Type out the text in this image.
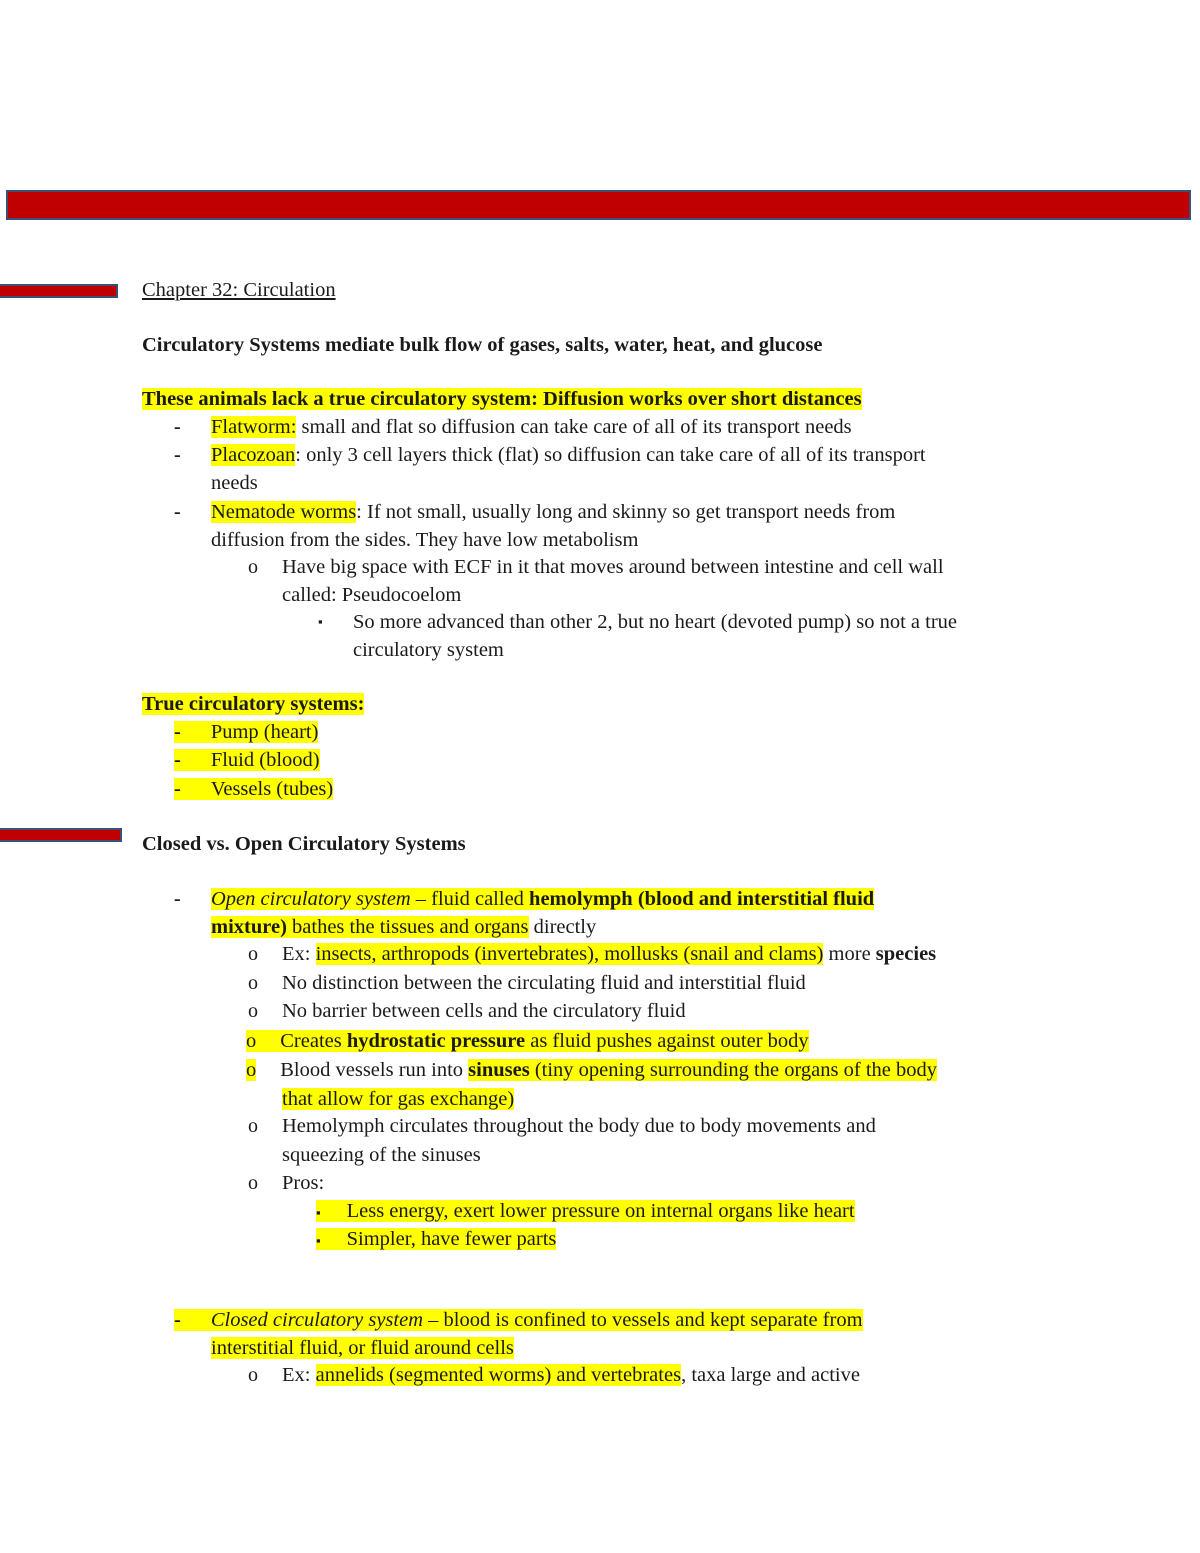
Chapter 32: Circulation
Circulatory Systems mediate bulk flow of gases, salts, water, heat, and glucose
These animals lack a true circulatory system: Diffusion works over short distances
- Flatworm: small and flat so diffusion can take care of all of its transport needs
- Placozoan: only 3 cell layers thick (flat) so diffusion can take care of all of its transport
needs
- Nematode worms: If not small, usually long and skinny so get transport needs from
diffusion from the sides. They have low metabolism
o Have big space with ECF in it that moves around between intestine and cell wall
called: Pseudocoelom
▪ So more advanced than other 2, but no heart (devoted pump) so not a true
circulatory system
True circulatory systems:
- Pump (heart)
- Fluid (blood)
- Vessels (tubes)
Closed vs. Open Circulatory Systems
- Open circulatory system – fluid called hemolymph (blood and interstitial fluid
mixture) bathes the tissues and organs directly
o Ex: insects, arthropods (invertebrates), mollusks (snail and clams) more species
o No distinction between the circulating fluid and interstitial fluid
o No barrier between cells and the circulatory fluid
o Creates hydrostatic pressure as fluid pushes against outer body
o Blood vessels run into sinuses (tiny opening surrounding the organs of the body
that allow for gas exchange)
o Hemolymph circulates throughout the body due to body movements and
squeezing of the sinuses
o Pros:
▪ Less energy, exert lower pressure on internal organs like heart
▪ Simpler, have fewer parts
- Closed circulatory system – blood is confined to vessels and kept separate from
interstitial fluid, or fluid around cells
o Ex: annelids (segmented worms) and vertebrates, taxa large and active
